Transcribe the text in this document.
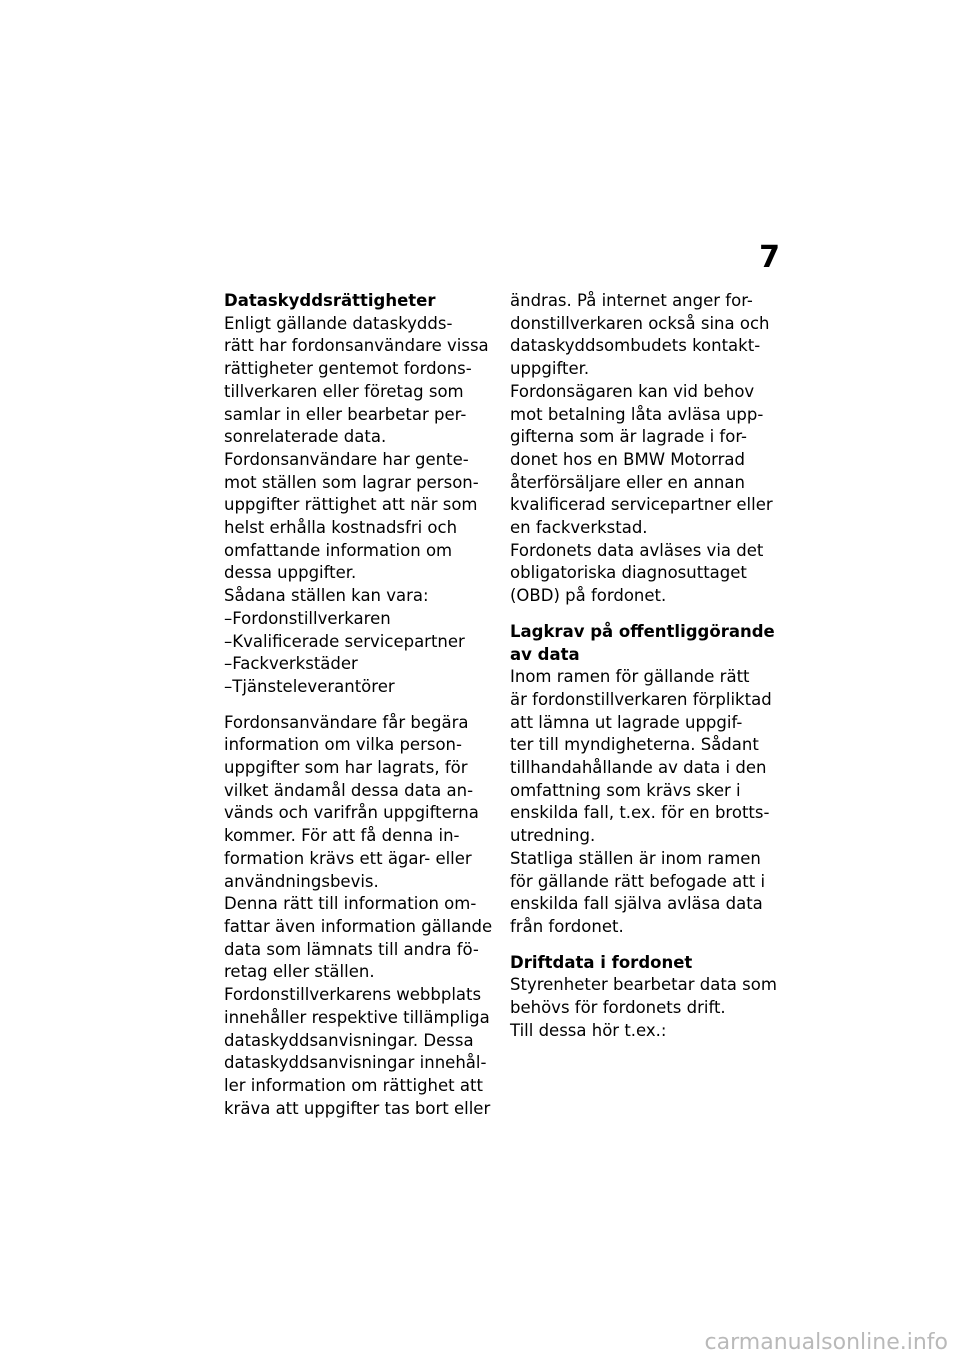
7
Dataskyddsrättigheter
Enligt gällande dataskydds-
rätt har fordonsanvändare vissa
rättigheter gentemot fordons-
tillverkaren eller företag som
samlar in eller bearbetar per-
sonrelaterade data.
Fordonsanvändare har gente-
mot ställen som lagrar person-
uppgifter rättighet att när som
helst erhålla kostnadsfri och
omfattande information om
dessa uppgifter.
Sådana ställen kan vara:
–Fordonstillverkaren
–Kvalificerade servicepartner
–Fackverkstäder
–Tjänsteleverantörer
Fordonsanvändare får begära
information om vilka person-
uppgifter som har lagrats, för
vilket ändamål dessa data an-
vänds och varifrån uppgifterna
kommer. För att få denna in-
formation krävs ett ägar- eller
användningsbevis.
Denna rätt till information om-
fattar även information gällande
data som lämnats till andra fö-
retag eller ställen.
Fordonstillverkarens webbplats
innehåller respektive tillämpliga
dataskyddsanvisningar. Dessa
dataskyddsanvisningar innehål-
ler information om rättighet att
kräva att uppgifter tas bort eller
ändras. På internet anger for-
donstillverkaren också sina och
dataskyddsombudets kontakt-
uppgifter.
Fordonsägaren kan vid behov
mot betalning låta avläsa upp-
gifterna som är lagrade i for-
donet hos en BMW Motorrad
återförsäljare eller en annan
kvalificerad servicepartner eller
en fackverkstad.
Fordonets data avläses via det
obligatoriska diagnosuttaget
(OBD) på fordonet.
Lagkrav på offentliggörande
av data
Inom ramen för gällande rätt
är fordonstillverkaren förpliktad
att lämna ut lagrade uppgif-
ter till myndigheterna. Sådant
tillhandahållande av data i den
omfattning som krävs sker i
enskilda fall, t.ex. för en brotts-
utredning.
Statliga ställen är inom ramen
för gällande rätt befogade att i
enskilda fall själva avläsa data
från fordonet.
Driftdata i fordonet
Styrenheter bearbetar data som
behövs för fordonets drift.
Till dessa hör t.ex.:
carmanualsonline.info
